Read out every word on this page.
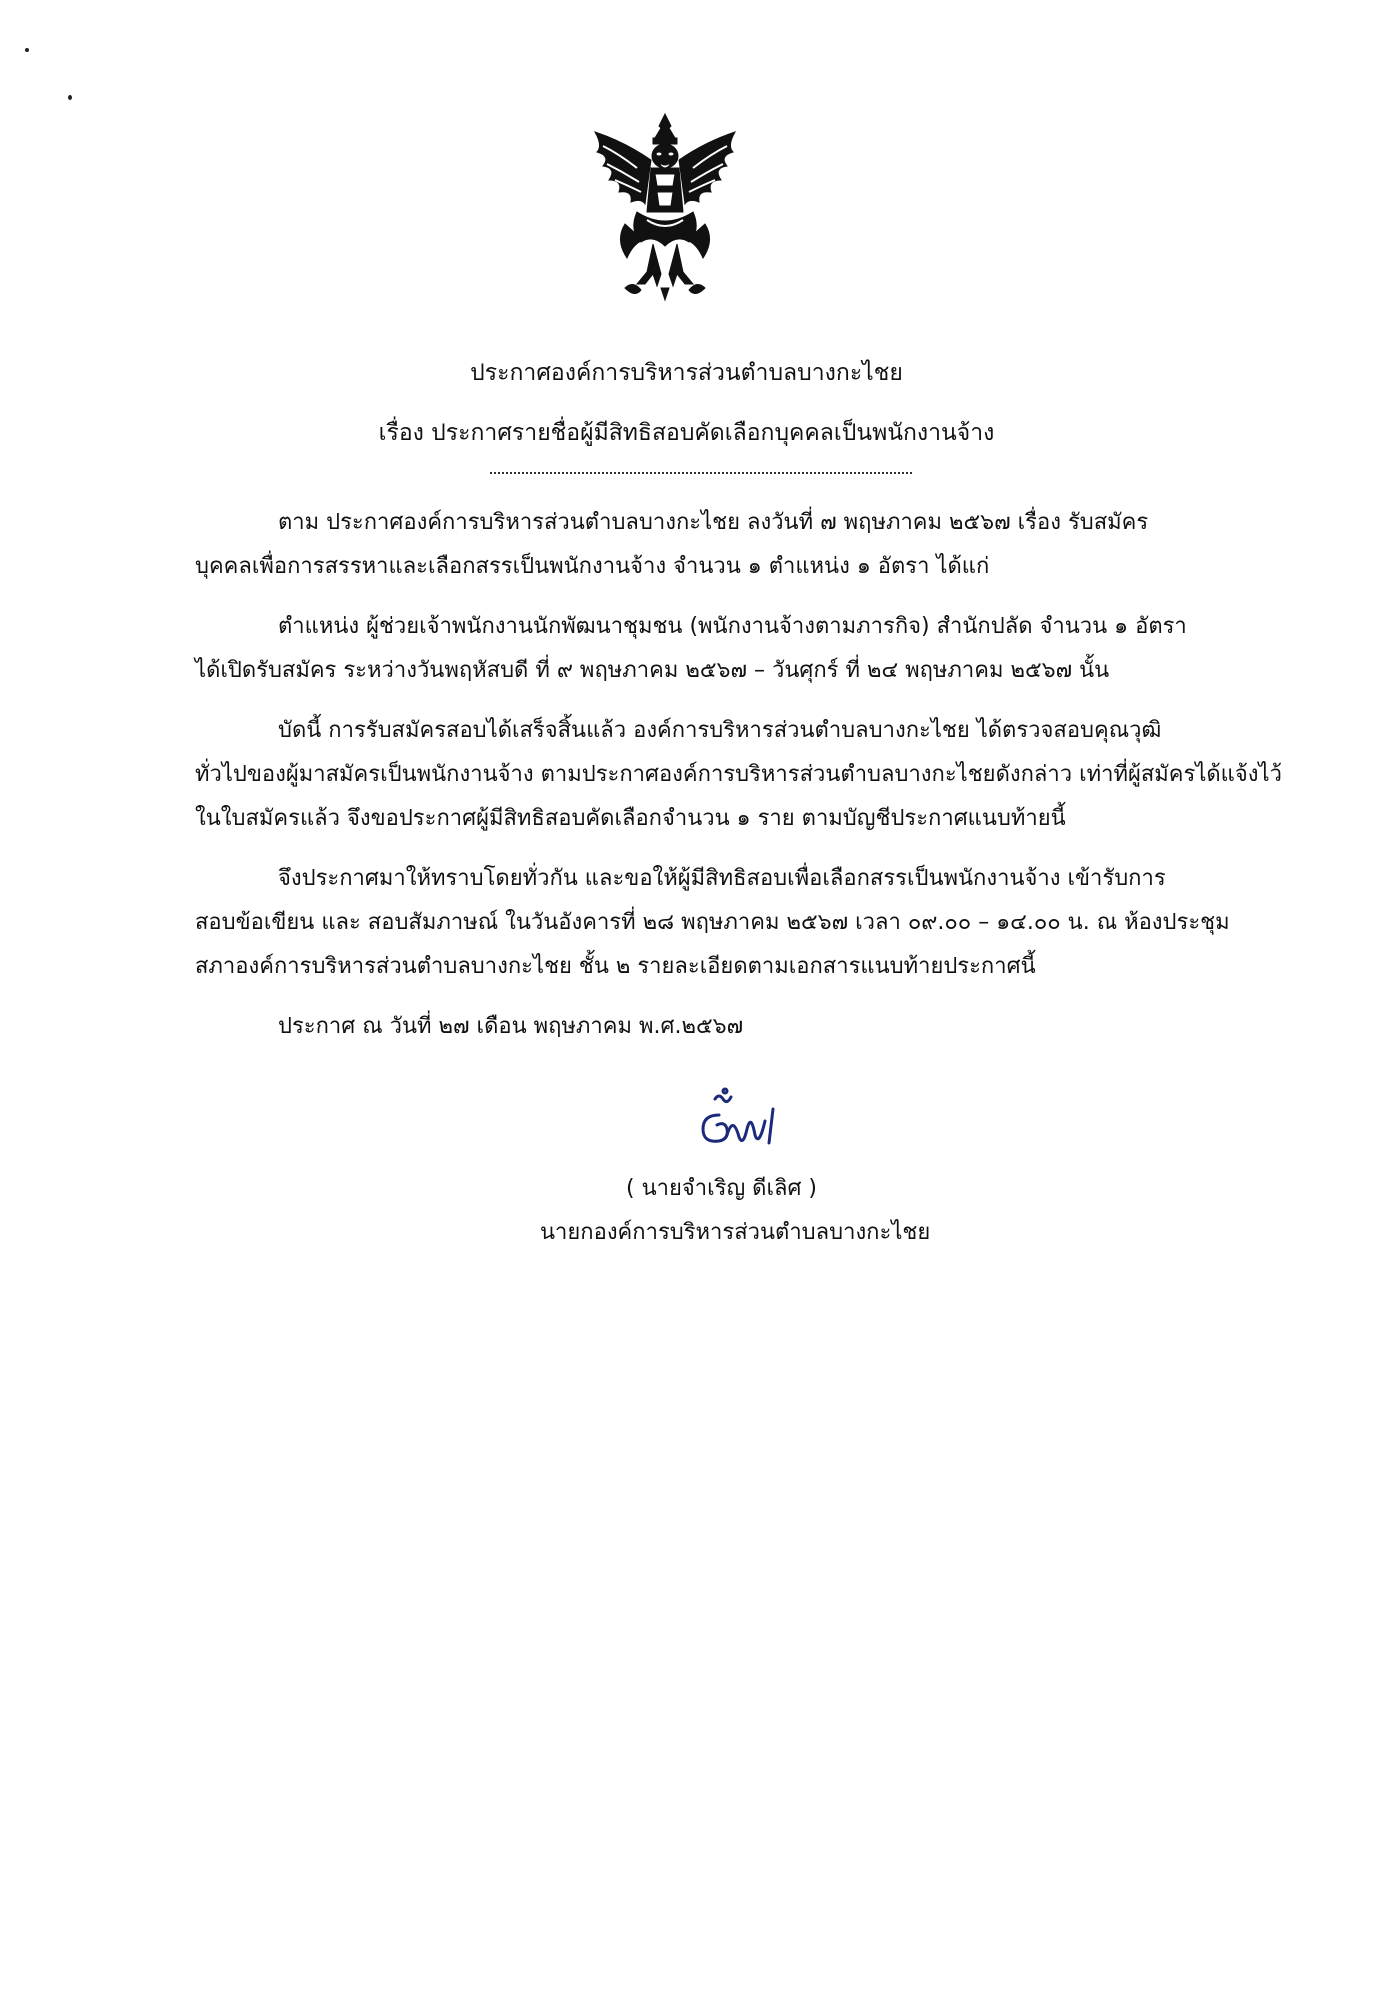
ประกาศองค์การบริหารส่วนตำบลบางกะไชย
เรื่อง ประกาศรายชื่อผู้มีสิทธิสอบคัดเลือกบุคคลเป็นพนักงานจ้าง
ตาม ประกาศองค์การบริหารส่วนตำบลบางกะไชย ลงวันที่ ๗ พฤษภาคม ๒๕๖๗ เรื่อง รับสมัคร
บุคคลเพื่อการสรรหาและเลือกสรรเป็นพนักงานจ้าง จำนวน ๑ ตำแหน่ง ๑ อัตรา ได้แก่
ตำแหน่ง ผู้ช่วยเจ้าพนักงานนักพัฒนาชุมชน (พนักงานจ้างตามภารกิจ) สำนักปลัด จำนวน ๑ อัตรา
ได้เปิดรับสมัคร ระหว่างวันพฤหัสบดี ที่ ๙ พฤษภาคม ๒๕๖๗ – วันศุกร์ ที่ ๒๔ พฤษภาคม ๒๕๖๗ นั้น
บัดนี้ การรับสมัครสอบได้เสร็จสิ้นแล้ว องค์การบริหารส่วนตำบลบางกะไชย ได้ตรวจสอบคุณวุฒิ
ทั่วไปของผู้มาสมัครเป็นพนักงานจ้าง ตามประกาศองค์การบริหารส่วนตำบลบางกะไชยดังกล่าว เท่าที่ผู้สมัครได้แจ้งไว้
ในใบสมัครแล้ว จึงขอประกาศผู้มีสิทธิสอบคัดเลือกจำนวน ๑ ราย ตามบัญชีประกาศแนบท้ายนี้
จึงประกาศมาให้ทราบโดยทั่วกัน และขอให้ผู้มีสิทธิสอบเพื่อเลือกสรรเป็นพนักงานจ้าง เข้ารับการ
สอบข้อเขียน และ สอบสัมภาษณ์ ในวันอังคารที่ ๒๘ พฤษภาคม ๒๕๖๗ เวลา ๐๙.๐๐ – ๑๔.๐๐ น. ณ ห้องประชุม
สภาองค์การบริหารส่วนตำบลบางกะไชย ชั้น ๒ รายละเอียดตามเอกสารแนบท้ายประกาศนี้
ประกาศ ณ วันที่ ๒๗ เดือน พฤษภาคม พ.ศ.๒๕๖๗
( นายจำเริญ ดีเลิศ )
นายกองค์การบริหารส่วนตำบลบางกะไชย
